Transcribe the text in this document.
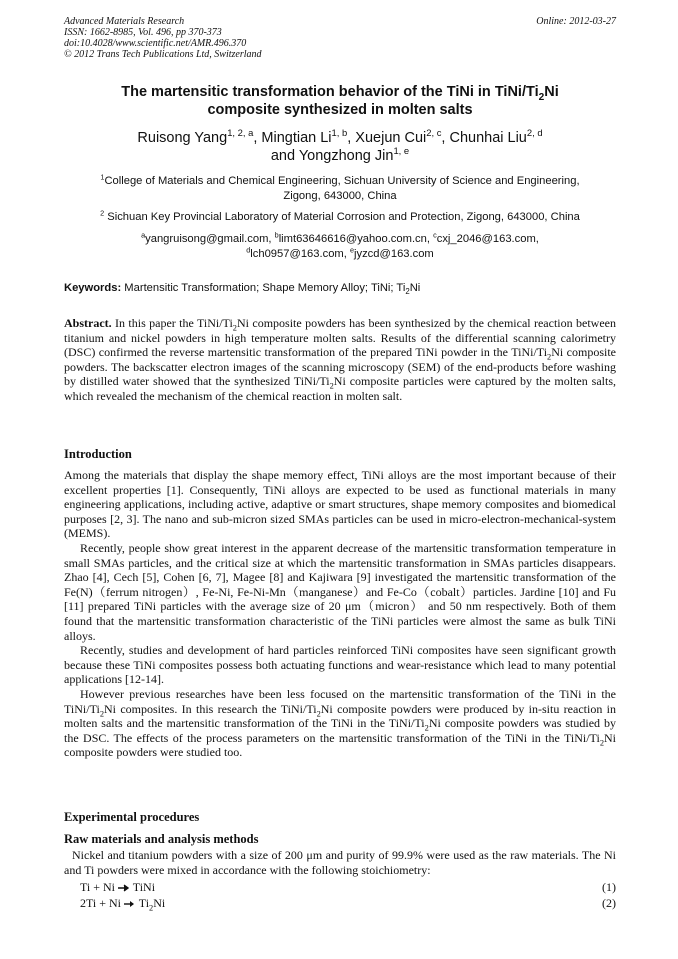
Advanced Materials Research
ISSN: 1662-8985, Vol. 496, pp 370-373
doi:10.4028/www.scientific.net/AMR.496.370
© 2012 Trans Tech Publications Ltd, Switzerland
Online: 2012-03-27
The martensitic transformation behavior of the TiNi in TiNi/$Ti_2Ni$
composite synthesized in molten salts
Ruisong Yang$^{1, 2, a}$, Mingtian Li$^{1, b}$, Xuejun Cui$^{2, c}$, Chunhai Liu$^{2, d}$
and Yongzhong Jin$^{1, e}$
$^1$College of Materials and Chemical Engineering, Sichuan University of Science and Engineering,
Zigong, 643000, China
$^2$ Sichuan Key Provincial Laboratory of Material Corrosion and Protection, Zigong, 643000, China
$^a$yangruisong@gmail.com, $^b$limt63646616@yahoo.com.cn, $^c$cxj_2046@163.com,
$^d$lch0957@163.com, $^e$jyzcd@163.com
Keywords: Martensitic Transformation; Shape Memory Alloy; TiNi; $Ti_2Ni$

Abstract. In this paper the TiNi/$Ti_2Ni$ composite powders has been synthesized by the chemical reaction between titanium and nickel powders in high temperature molten salts. Results of the differential scanning calorimetry (DSC) confirmed the reverse martensitic transformation of the prepared TiNi powder in the TiNi/$Ti_2Ni$ composite powders. The backscatter electron images of the scanning microscopy (SEM) of the end-products before washing by distilled water showed that the synthesized TiNi/$Ti_2Ni$ composite particles were captured by the molten salts, which revealed the mechanism of the chemical reaction in molten salt.

Introduction

Among the materials that display the shape memory effect, TiNi alloys are the most important because of their excellent properties [1]. Consequently, TiNi alloys are expected to be used as functional materials in many engineering applications, including active, adaptive or smart structures, shape memory composites and biomedical purposes [2, 3]. The nano and sub-micron sized SMAs particles can be used in micro-electron-mechanical-system (MEMS).

Recently, people show great interest in the apparent decrease of the martensitic transformation temperature in small SMAs particles, and the critical size at which the martensitic transformation in SMAs particles disappears. Zhao [4], Cech [5], Cohen [6, 7], Magee [8] and Kajiwara [9] investigated the martensitic transformation of the Fe(N)（ferrum nitrogen）, Fe-Ni, Fe-Ni-Mn（manganese）and Fe-Co（cobalt）particles. Jardine [10] and Fu [11] prepared TiNi particles with the average size of 20 μm（micron） and 50 nm respectively. Both of them found that the martensitic transformation characteristic of the TiNi particles were almost the same as bulk TiNi alloys.

Recently, studies and development of hard particles reinforced TiNi composites have seen significant growth because these TiNi composites possess both actuating functions and wear-resistance which lead to many potential applications [12-14].

However previous researches have been less focused on the martensitic transformation of the TiNi in the TiNi/$Ti_2Ni$ composites. In this research the TiNi/$Ti_2Ni$ composite powders were produced by in-situ reaction in molten salts and the martensitic transformation of the TiNi in the TiNi/$Ti_2Ni$ composite powders was studied by the DSC. The effects of the process parameters on the martensitic transformation of the TiNi in the TiNi/$Ti_2Ni$ composite powders were studied too.

Experimental procedures
Raw materials and analysis methods

Nickel and titanium powders with a size of 200 μm and purity of 99.9% were used as the raw materials. The Ni and Ti powders were mixed in accordance with the following stoichiometry:

Ti + Ni  TiNi	(1)
2Ti + Ni  $Ti_2Ni$	(2)
